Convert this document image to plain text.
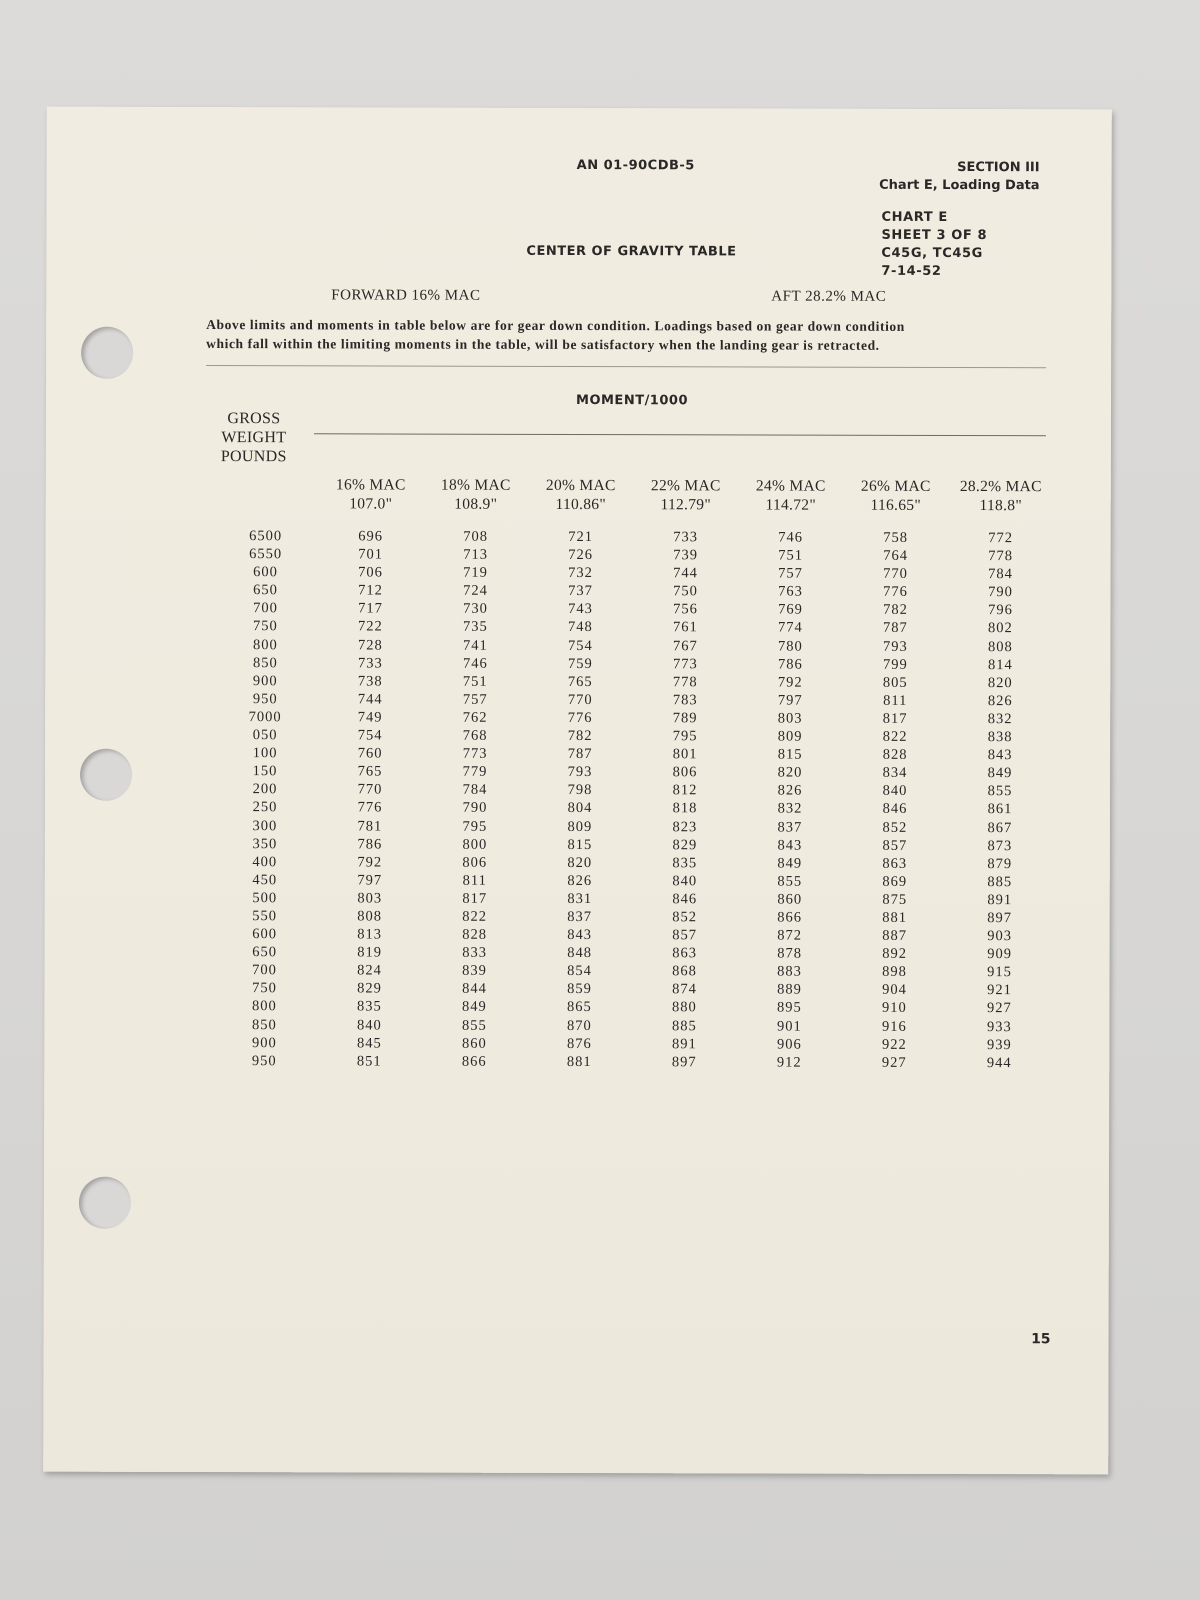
AN 01-90CDB-5	SECTION III
Chart E, Loading Data
CHART E
SHEET 3 OF 8
C45G, TC45G
7-14-52
CENTER OF GRAVITY TABLE
FORWARD 16% MAC	AFT 28.2% MAC
Above limits and moments in table below are for gear down condition. Loadings based on gear down condition
which fall within the limiting moments in the table, will be satisfactory when the landing gear is retracted.
MOMENT/1000
GROSS
WEIGHT
POUNDS
16% MAC
107.0"
18% MAC
108.9"
20% MAC
110.86"
22% MAC
112.79"
24% MAC
114.72"
26% MAC
116.65"
28.2% MAC
118.8"
6500
6550
600
650
700
750
800
850
900
950
7000
050
100
150
200
250
300
350
400
450
500
550
600
650
700
750
800
850
900
950
696
701
706
712
717
722
728
733
738
744
749
754
760
765
770
776
781
786
792
797
803
808
813
819
824
829
835
840
845
851
708
713
719
724
730
735
741
746
751
757
762
768
773
779
784
790
795
800
806
811
817
822
828
833
839
844
849
855
860
866
721
726
732
737
743
748
754
759
765
770
776
782
787
793
798
804
809
815
820
826
831
837
843
848
854
859
865
870
876
881
733
739
744
750
756
761
767
773
778
783
789
795
801
806
812
818
823
829
835
840
846
852
857
863
868
874
880
885
891
897
746
751
757
763
769
774
780
786
792
797
803
809
815
820
826
832
837
843
849
855
860
866
872
878
883
889
895
901
906
912
758
764
770
776
782
787
793
799
805
811
817
822
828
834
840
846
852
857
863
869
875
881
887
892
898
904
910
916
922
927
772
778
784
790
796
802
808
814
820
826
832
838
843
849
855
861
867
873
879
885
891
897
903
909
915
921
927
933
939
944
15
